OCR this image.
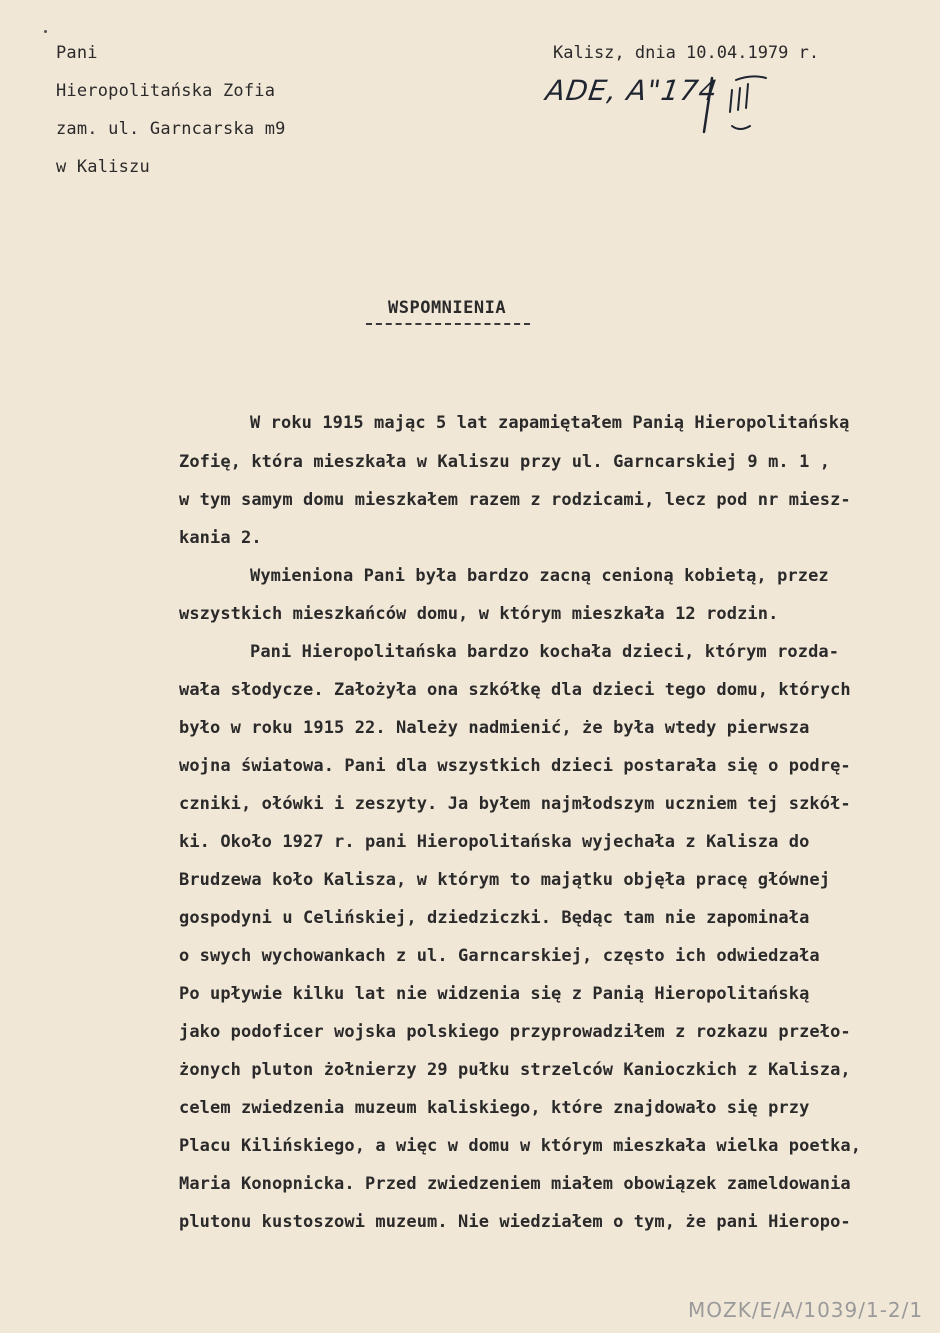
Pani
Hieropolitańska Zofia
zam. ul. Garncarska m9
w Kaliszu
Kalisz, dnia 10.04.1979 r.
ADE, A"174
WSPOMNIENIA
W roku 1915 mając 5 lat zapamiętałem Panią Hieropolitańską
Zofię, która mieszkała w Kaliszu przy ul. Garncarskiej 9 m. 1 ,
w tym samym domu mieszkałem razem z rodzicami, lecz pod nr miesz-
kania 2.
Wymieniona Pani była bardzo zacną cenioną kobietą, przez
wszystkich mieszkańców domu, w którym mieszkała 12 rodzin.
Pani Hieropolitańska bardzo kochała dzieci, którym rozda-
wała słodycze. Założyła ona szkółkę dla dzieci tego domu, których
było w roku 1915 22. Należy nadmienić, że była wtedy pierwsza
wojna światowa. Pani dla wszystkich dzieci postarała się o podrę-
czniki, ołówki i zeszyty. Ja byłem najmłodszym uczniem tej szkół-
ki. Około 1927 r. pani Hieropolitańska wyjechała z Kalisza do
Brudzewa koło Kalisza, w którym to majątku objęła pracę głównej
gospodyni u Celińskiej, dziedziczki. Będąc tam nie zapominała
o swych wychowankach z ul. Garncarskiej, często ich odwiedzała
Po upływie kilku lat nie widzenia się z Panią Hieropolitańską
jako podoficer wojska polskiego przyprowadziłem z rozkazu przeło-
żonych pluton żołnierzy 29 pułku strzelców Kanioczkich z Kalisza,
celem zwiedzenia muzeum kaliskiego, które znajdowało się przy
Placu Kilińskiego, a więc w domu w którym mieszkała wielka poetka,
Maria Konopnicka. Przed zwiedzeniem miałem obowiązek zameldowania
plutonu kustoszowi muzeum. Nie wiedziałem o tym, że pani Hieropo-
MOZK/E/A/1039/1-2/1
